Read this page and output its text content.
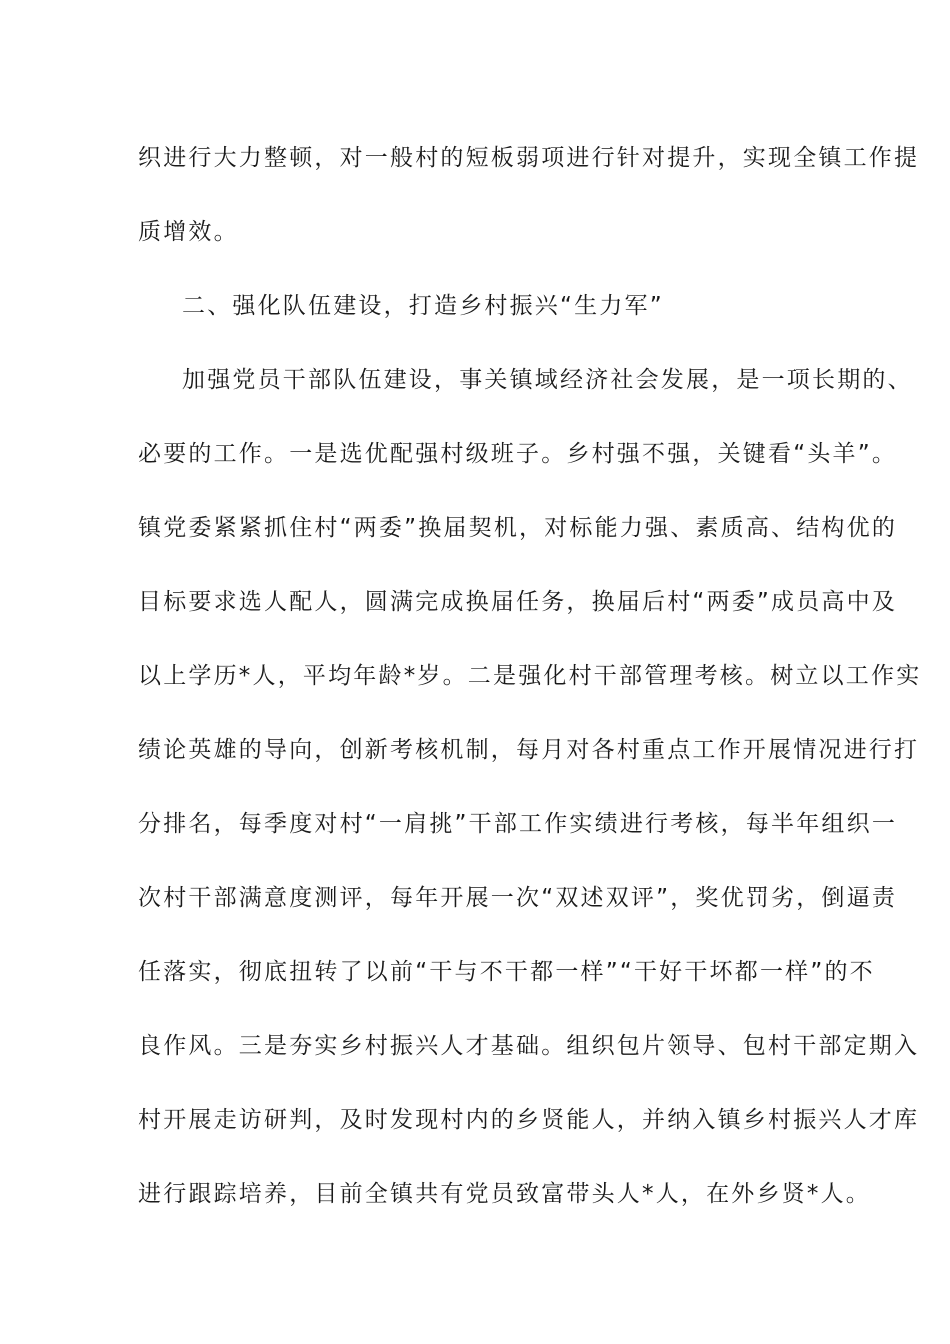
织进行大力整顿，对一般村的短板弱项进行针对提升，实现全镇工作提
质增效。
二、强化队伍建设，打造乡村振兴“生力军”
加强党员干部队伍建设，事关镇域经济社会发展，是一项长期的、
必要的工作。一是选优配强村级班子。乡村强不强，关键看“头羊”。
镇党委紧紧抓住村“两委”换届契机，对标能力强、素质高、结构优的
目标要求选人配人，圆满完成换届任务，换届后村“两委”成员高中及
以上学历*人，平均年龄*岁。二是强化村干部管理考核。树立以工作实
绩论英雄的导向，创新考核机制，每月对各村重点工作开展情况进行打
分排名，每季度对村“一肩挑”干部工作实绩进行考核，每半年组织一
次村干部满意度测评，每年开展一次“双述双评”，奖优罚劣，倒逼责
任落实，彻底扭转了以前“干与不干都一样”“干好干坏都一样”的不
良作风。三是夯实乡村振兴人才基础。组织包片领导、包村干部定期入
村开展走访研判，及时发现村内的乡贤能人，并纳入镇乡村振兴人才库
进行跟踪培养，目前全镇共有党员致富带头人*人，在外乡贤*人。
